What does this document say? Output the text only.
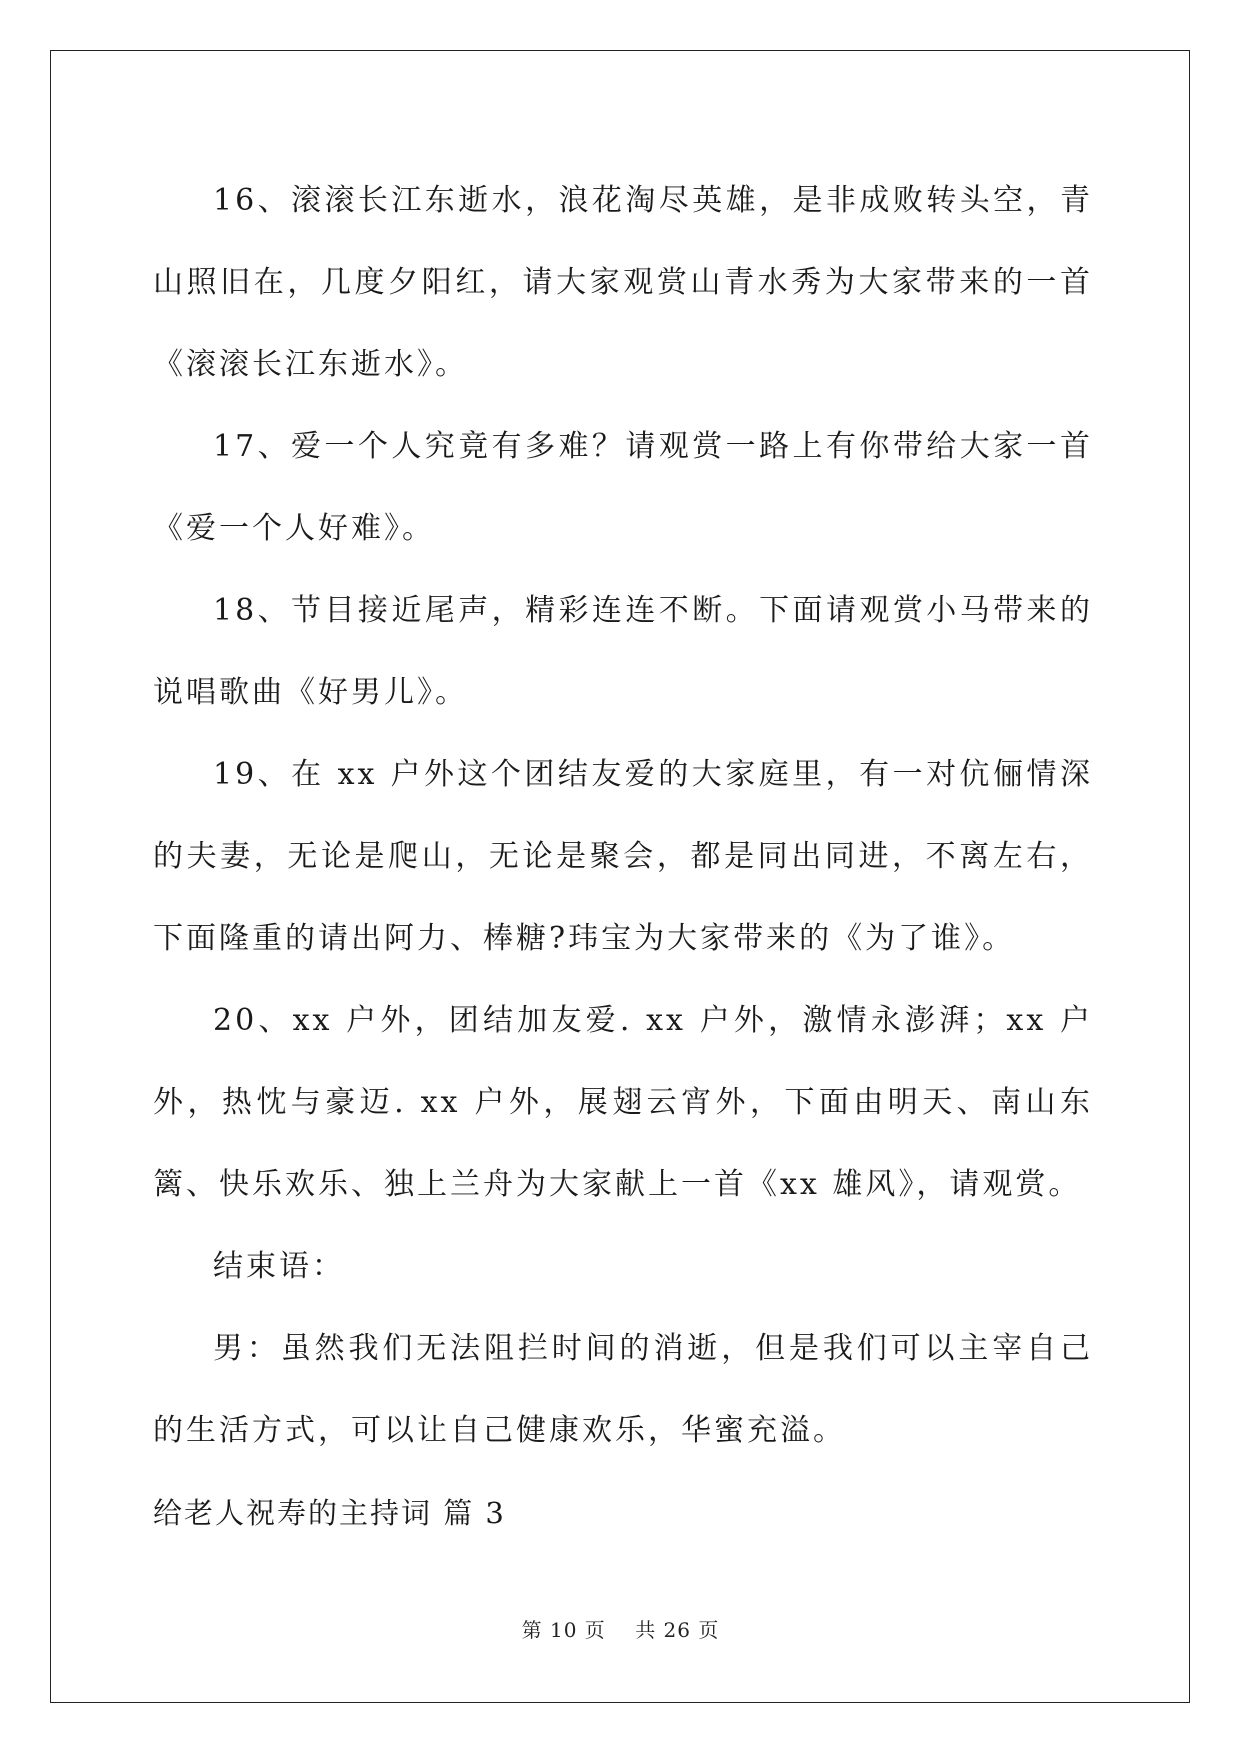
16、滚滚长江东逝水，浪花淘尽英雄，是非成败转头空，青山照旧在，几度夕阳红，请大家观赏山青水秀为大家带来的一首《滚滚长江东逝水》。

17、爱一个人究竟有多难？请观赏一路上有你带给大家一首《爱一个人好难》。

18、节目接近尾声，精彩连连不断。下面请观赏小马带来的说唱歌曲《好男儿》。

19、在 xx 户外这个团结友爱的大家庭里，有一对伉俪情深的夫妻，无论是爬山，无论是聚会，都是同出同进，不离左右，下面隆重的请出阿力、棒糖?玮宝为大家带来的《为了谁》。

20、xx 户外，团结加友爱. xx 户外，激情永澎湃；xx 户外，热忱与豪迈. xx 户外，展翅云宵外，下面由明天、南山东篱、快乐欢乐、独上兰舟为大家献上一首《xx 雄风》，请观赏。

结束语：

男：虽然我们无法阻拦时间的消逝，但是我们可以主宰自己的生活方式，可以让自己健康欢乐，华蜜充溢。

给老人祝寿的主持词 篇 3

第 10 页    共 26 页
